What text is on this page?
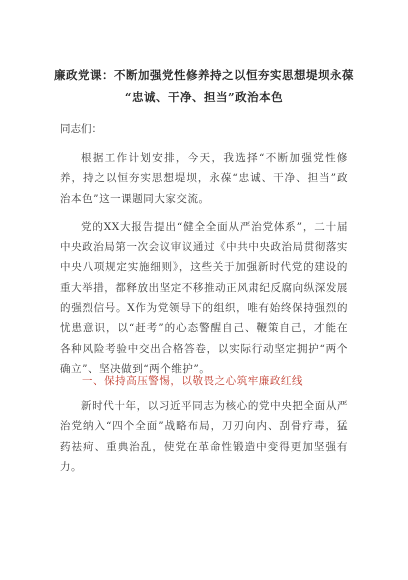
廉政党课：不断加强党性修养持之以恒夯实思想堤坝永葆
“忠诚、干净、担当”政治本色
同志们：

根据工作计划安排，今天，我选择“不断加强党性修养，持之以恒夯实思想堤坝，永葆“忠诚、干净、担当”政治本色”这一课题同大家交流。

党的XX大报告提出“健全全面从严治党体系”，二十届中央政治局第一次会议审议通过《中共中央政治局贯彻落实中央八项规定实施细则》，这些关于加强新时代党的建设的重大举措，都释放出坚定不移推动正风肃纪反腐向纵深发展的强烈信号。X作为党领导下的组织，唯有始终保持强烈的忧患意识，以“赶考”的心态警醒自己、鞭策自己，才能在各种风险考验中交出合格答卷，以实际行动坚定拥护“两个确立”、坚决做到“两个维护”。

一、保持高压警惕，以敬畏之心筑牢廉政红线

新时代十年，以习近平同志为核心的党中央把全面从严治党纳入“四个全面”战略布局，刀刃向内、刮骨疗毒，猛药祛疴、重典治乱，使党在革命性锻造中变得更加坚强有力。
